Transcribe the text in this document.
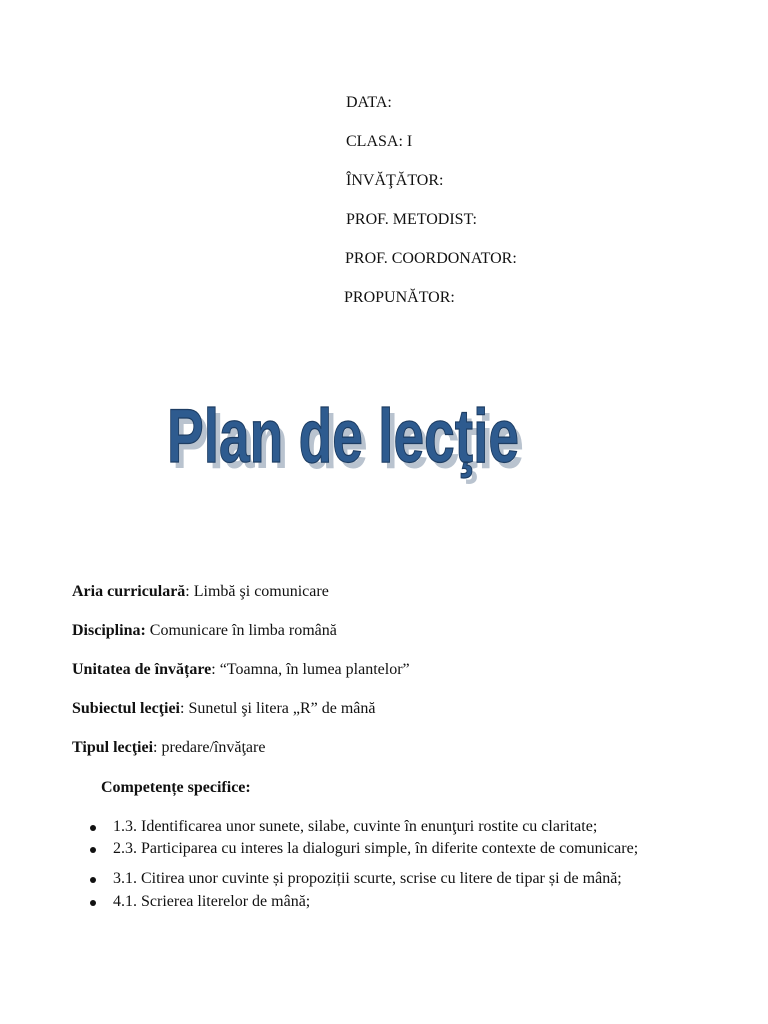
DATA:
CLASA: I
ÎNVĂŢĂTOR:
PROF. METODIST:
PROF. COORDONATOR:
PROPUNĂTOR:
Plan de lecţie
Plan de lecţie
Aria curriculară: Limbă şi comunicare
Disciplina: Comunicare în limba română
Unitatea de învățare: “Toamna, în lumea plantelor”
Subiectul lecţiei: Sunetul şi litera „R” de mână
Tipul lecţiei: predare/învăţare
Competențe specifice:
1.3. Identificarea unor sunete, silabe, cuvinte în enunţuri rostite cu claritate;
2.3. Participarea cu interes la dialoguri simple, în diferite contexte de comunicare;
3.1. Citirea unor cuvinte și propoziții scurte, scrise cu litere de tipar și de mână;
4.1. Scrierea literelor de mână;
